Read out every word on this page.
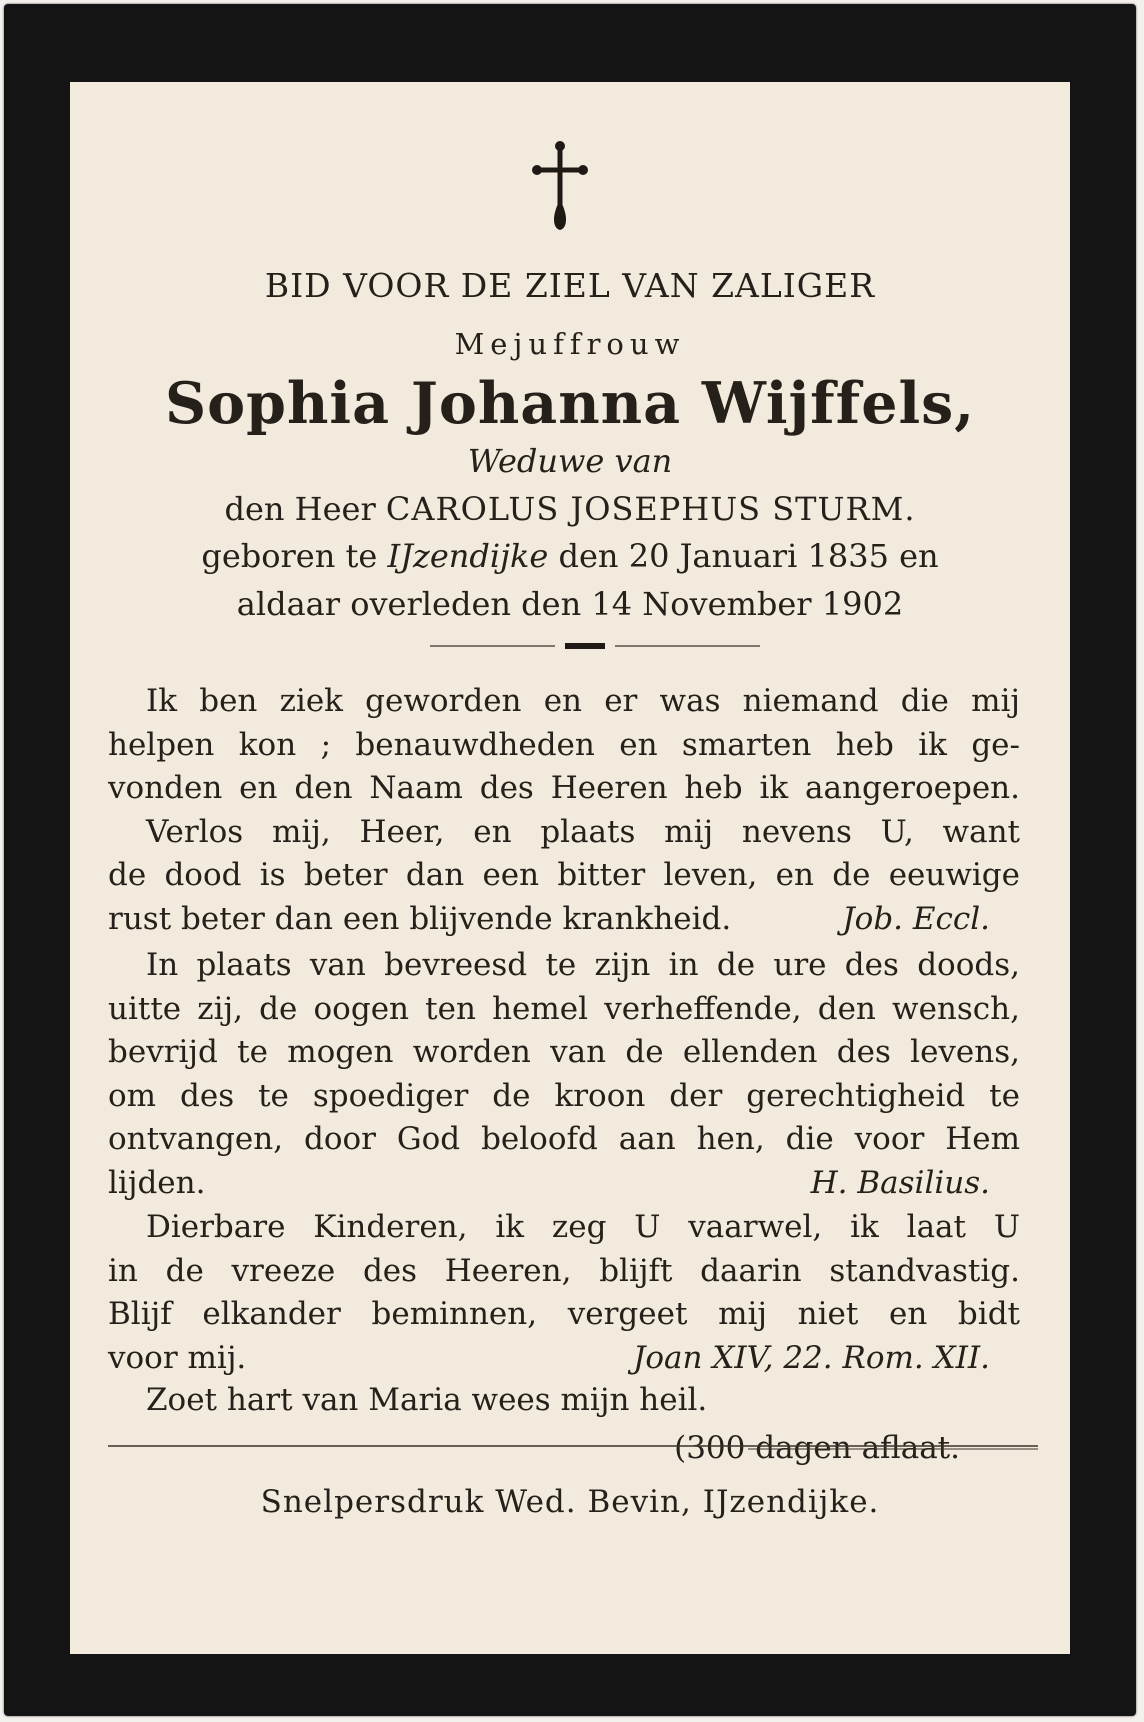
BID VOOR DE ZIEL VAN ZALIGER
Mejuffrouw
Sophia Johanna Wijffels,
Weduwe van
den Heer CAROLUS JOSEPHUS STURM.
geboren te IJzendijke den 20 Januari 1835 en
aldaar overleden den 14 November 1902
Ik ben ziek geworden en er was niemand die mij
helpen kon ; benauwdheden en smarten heb ik ge-
vonden en den Naam des Heeren heb ik aangeroepen.
Verlos mij, Heer, en plaats mij nevens U, want
de dood is beter dan een bitter leven, en de eeuwige
rust beter dan een blijvende krankheid.	Job. Eccl.
In plaats van bevreesd te zijn in de ure des doods,
uitte zij, de oogen ten hemel verheffende, den wensch,
bevrijd te mogen worden van de ellenden des levens,
om des te spoediger de kroon der gerechtigheid te
ontvangen, door God beloofd aan hen, die voor Hem
lijden.	H. Basilius.
Dierbare Kinderen, ik zeg U vaarwel, ik laat U
in de vreeze des Heeren, blijft daarin standvastig.
Blijf elkander beminnen, vergeet mij niet en bidt
voor mij.	Joan XIV, 22. Rom. XII.
Zoet hart van Maria wees mijn heil.
(300 dagen aflaat.
Snelpersdruk Wed. Bevin, IJzendijke.
